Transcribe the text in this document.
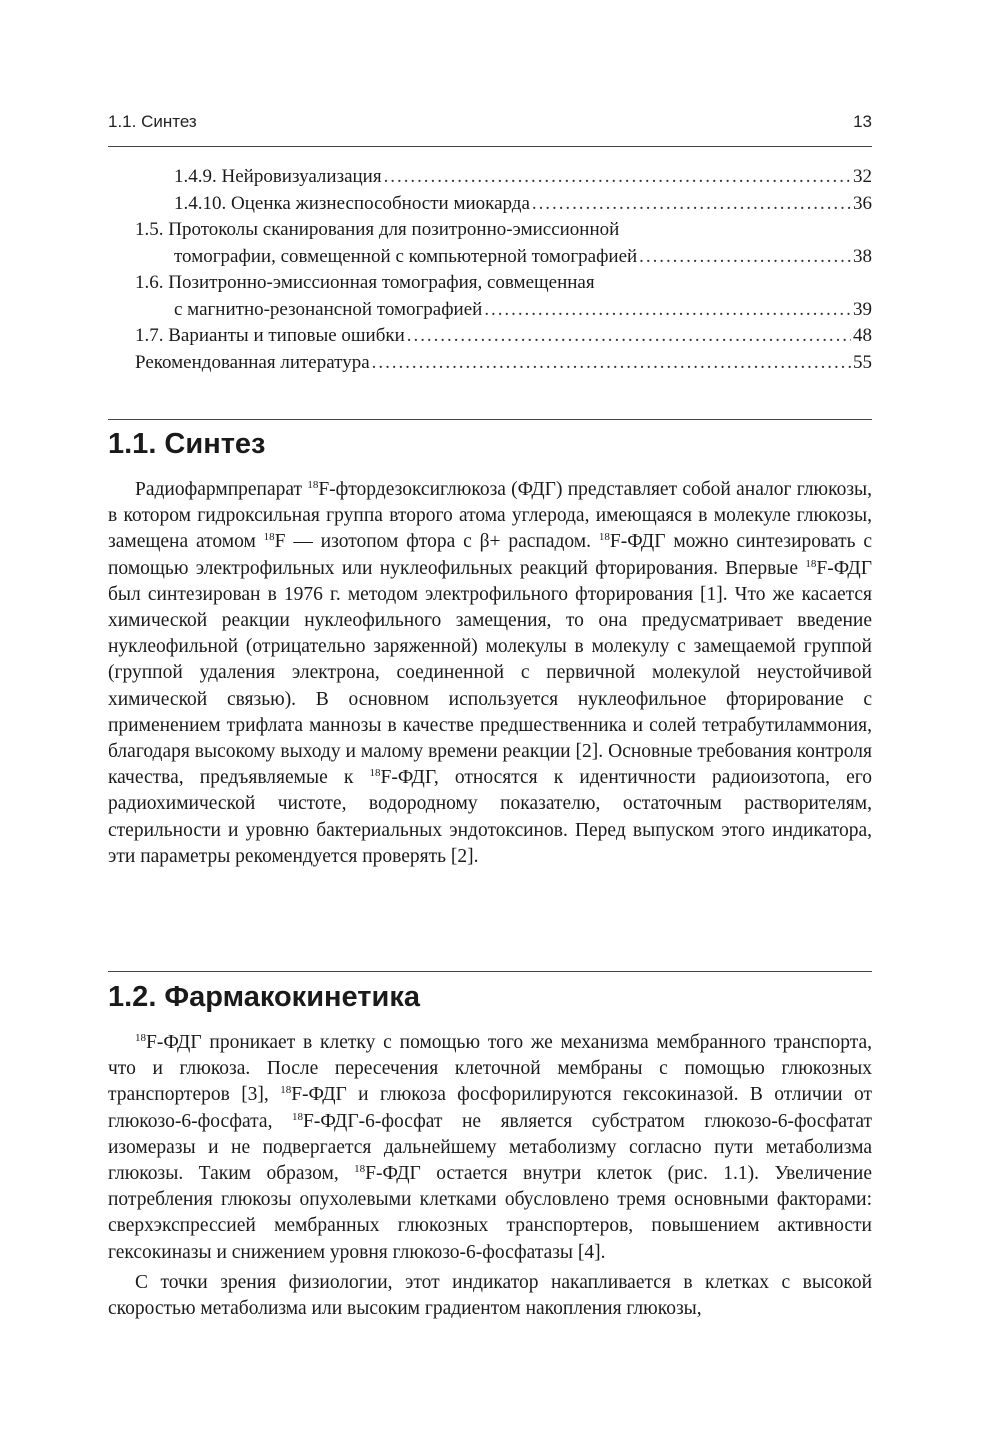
1.1. Синтез	13
1.4.9. Нейровизуализация . . .	32
1.4.10. Оценка жизнеспособности миокарда . . .	36
1.5. Протоколы сканирования для позитронно-эмиссионной
томографии, совмещенной с компьютерной томографией . . .	38
1.6. Позитронно-эмиссионная томография, совмещенная
с магнитно-резонансной томографией . . .	39
1.7. Варианты и типовые ошибки . . .	48
Рекомендованная литература . . .	55
1.1. Синтез

Радиофармпрепарат $^{18}$F-фтордезоксиглюкоза (ФДГ) представляет собой аналог глюкозы, в котором гидроксильная группа второго атома углерода, имеющаяся в молекуле глюкозы, замещена атомом $^{18}$F — изотопом фтора с β+ распадом. $^{18}$F-ФДГ можно синтезировать с помощью электрофильных или нуклеофильных реакций фторирования. Впервые $^{18}$F-ФДГ был синтезирован в 1976 г. методом электрофильного фторирования [1]. Что же касается химической реакции нуклеофильного замещения, то она предусматривает введение нуклеофильной (отрицательно заряженной) молекулы в молекулу с замещаемой группой (группой удаления электрона, соединенной с первичной молекулой неустойчивой химической связью). В основном используется нуклеофильное фторирование с применением трифлата маннозы в качестве предшественника и солей тетрабутиламмония, благодаря высокому выходу и малому времени реакции [2]. Основные требования контроля качества, предъявляемые к $^{18}$F-ФДГ, относятся к идентичности радиоизотопа, его радиохимической чистоте, водородному показателю, остаточным растворителям, стерильности и уровню бактериальных эндотоксинов. Перед выпуском этого индикатора, эти параметры рекомендуется проверять [2].

1.2. Фармакокинетика

$^{18}$F-ФДГ проникает в клетку с помощью того же механизма мембранного транспорта, что и глюкоза. После пересечения клеточной мембраны с помощью глюкозных транспортеров [3], $^{18}$F-ФДГ и глюкоза фосфорилируются гексокиназой. В отличии от глюкозо-6-фосфата, $^{18}$F-ФДГ-6-фосфат не является субстратом глюкозо-6-фосфатат изомеразы и не подвергается дальнейшему метаболизму согласно пути метаболизма глюкозы. Таким образом, $^{18}$F-ФДГ остается внутри клеток (рис. 1.1). Увеличение потребления глюкозы опухолевыми клетками обусловлено тремя основными факторами: сверхэкспрессией мембранных глюкозных транспортеров, повышением активности гексокиназы и снижением уровня глюкозо-6-фосфатазы [4].

С точки зрения физиологии, этот индикатор накапливается в клетках с высокой скоростью метаболизма или высоким градиентом накопления глюкозы,
